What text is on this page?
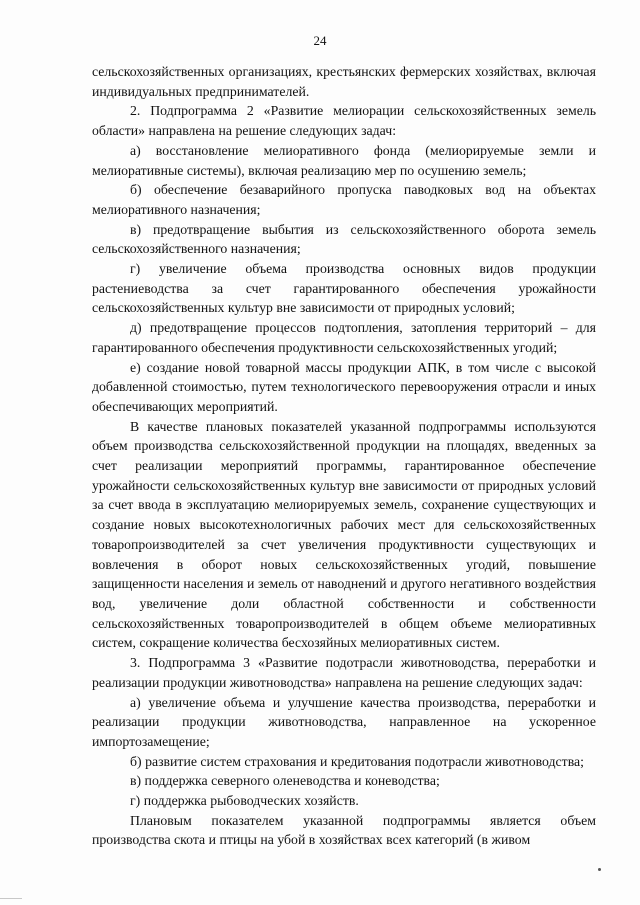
24

сельскохозяйственных организациях, крестьянских фермерских хозяйствах, включая индивидуальных предпринимателей.

2. Подпрограмма 2 «Развитие мелиорации сельскохозяйственных земель области» направлена на решение следующих задач:

а) восстановление мелиоративного фонда (мелиорируемые земли и мелиоративные системы), включая реализацию мер по осушению земель;

б) обеспечение безаварийного пропуска паводковых вод на объектах мелиоративного назначения;

в) предотвращение выбытия из сельскохозяйственного оборота земель сельскохозяйственного назначения;

г) увеличение объема производства основных видов продукции растениеводства за счет гарантированного обеспечения урожайности сельскохозяйственных культур вне зависимости от природных условий;

д) предотвращение процессов подтопления, затопления территорий – для гарантированного обеспечения продуктивности сельскохозяйственных угодий;

е) создание новой товарной массы продукции АПК, в том числе с высокой добавленной стоимостью, путем технологического перевооружения отрасли и иных обеспечивающих мероприятий.

В качестве плановых показателей указанной подпрограммы используются объем производства сельскохозяйственной продукции на площадях, введенных за счет реализации мероприятий программы, гарантированное обеспечение урожайности сельскохозяйственных культур вне зависимости от природных условий за счет ввода в эксплуатацию мелиорируемых земель, сохранение существующих и создание новых высокотехнологичных рабочих мест для сельскохозяйственных товаропроизводителей за счет увеличения продуктивности существующих и вовлечения в оборот новых сельскохозяйственных угодий, повышение защищенности населения и земель от наводнений и другого негативного воздействия вод, увеличение доли областной собственности и собственности сельскохозяйственных товаропроизводителей в общем объеме мелиоративных систем, сокращение количества бесхозяйных мелиоративных систем.

3. Подпрограмма 3 «Развитие подотрасли животноводства, переработки и реализации продукции животноводства» направлена на решение следующих задач:

а) увеличение объема и улучшение качества производства, переработки и реализации продукции животноводства, направленное на ускоренное импортозамещение;

б) развитие систем страхования и кредитования подотрасли животноводства;

в) поддержка северного оленеводства и коневодства;

г) поддержка рыбоводческих хозяйств.

Плановым показателем указанной подпрограммы является объем производства скота и птицы на убой в хозяйствах всех категорий (в живом
